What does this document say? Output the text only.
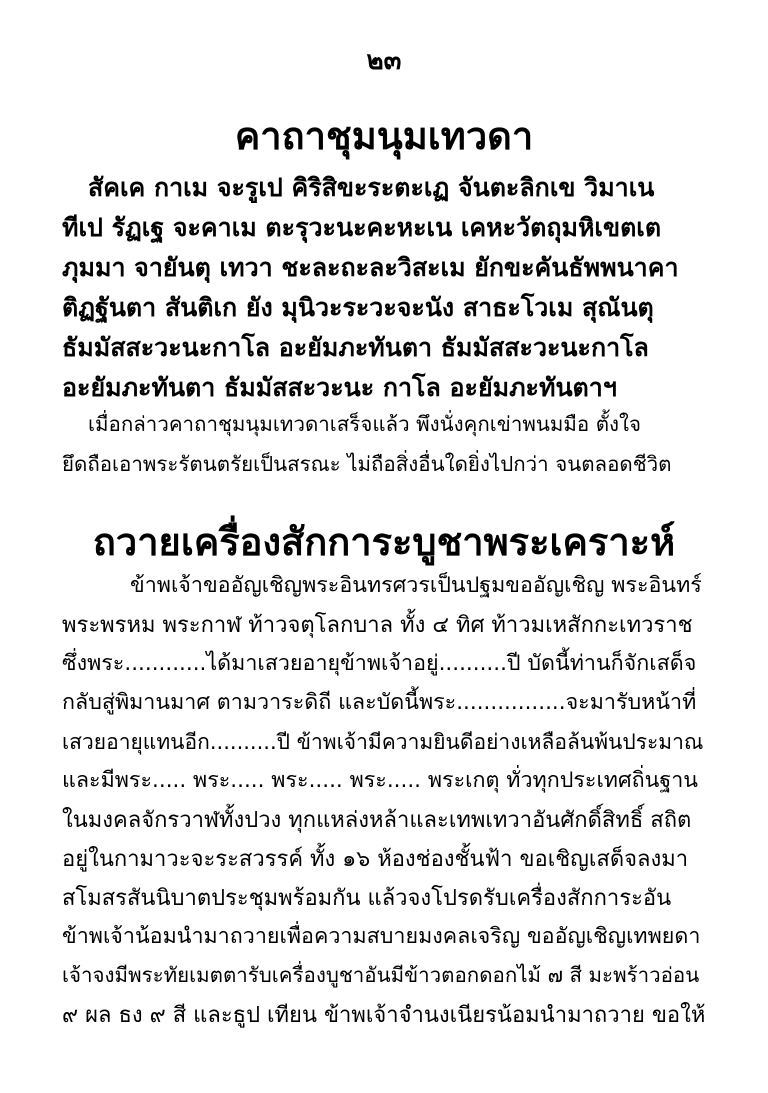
๒๓
คาถาชุมนุมเทวดา
สัคเค กาเม จะรูเป คิริสิขะระตะเฏ จันตะลิกเข วิมาเน
ทีเป รัฏเฐ จะคาเม ตะรุวะนะคะหะเน เคหะวัตถุมหิเขตเต
ภุมมา จายันตุ เทวา ชะละถะละวิสะเม ยักขะคันธัพพนาคา
ติฏฐันตา สันติเก ยัง มุนิวะระวะจะนัง สาธะโวเม สุณันตุ
ธัมมัสสะวะนะกาโล อะยัมภะทันตา ธัมมัสสะวะนะกาโล
อะยัมภะทันตา ธัมมัสสะวะนะ กาโล อะยัมภะทันตาฯ
เมื่อกล่าวคาถาชุมนุมเทวดาเสร็จแล้ว พึงนั่งคุกเข่าพนมมือ ตั้งใจ
ยึดถือเอาพระรัตนตรัยเป็นสรณะ ไม่ถือสิ่งอื่นใดยิ่งไปกว่า จนตลอดชีวิต
ถวายเครื่องสักการะบูชาพระเคราะห์
ข้าพเจ้าขออัญเชิญพระอินทรศวรเป็นปฐมขออัญเชิญ พระอินทร์
พระพรหม พระกาฬ ท้าวจตุโลกบาล ทั้ง ๔ ทิศ ท้าวมเหสักกะเทวราช
ซึ่งพระ............ได้มาเสวยอายุข้าพเจ้าอยู่..........ปี บัดนี้ท่านก็จักเสด็จ
กลับสู่พิมานมาศ ตามวาระดิถี และบัดนี้พระ................จะมารับหน้าที่
เสวยอายุแทนอีก..........ปี ข้าพเจ้ามีความยินดีอย่างเหลือล้นพ้นประมาณ
และมีพระ..... พระ..... พระ..... พระ..... พระเกตุ ทั่วทุกประเทศถิ่นฐาน
ในมงคลจักรวาฬทั้งปวง ทุกแหล่งหล้าและเทพเทวาอันศักดิ์สิทธิ์ สถิต
อยู่ในกามาวะจะระสวรรค์ ทั้ง ๑๖ ห้องช่องชั้นฟ้า ขอเชิญเสด็จลงมา
สโมสรสันนิบาตประชุมพร้อมกัน แล้วจงโปรดรับเครื่องสักการะอัน
ข้าพเจ้าน้อมนำมาถวายเพื่อความสบายมงคลเจริญ ขออัญเชิญเทพยดา
เจ้าจงมีพระทัยเมตตารับเครื่องบูชาอันมีข้าวตอกดอกไม้ ๗ สี มะพร้าวอ่อน
๙ ผล ธง ๙ สี และธูป เทียน ข้าพเจ้าจำนงเนียรน้อมนำมาถวาย ขอให้
